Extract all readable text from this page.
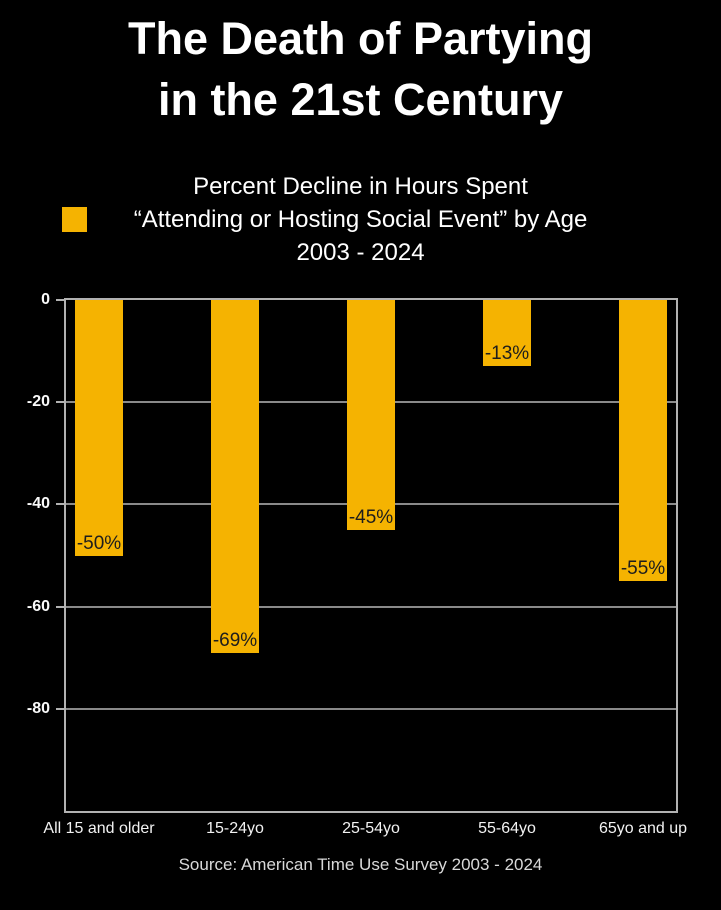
The Death of Partying
in the 21st Century
Percent Decline in Hours Spent
“Attending or Hosting Social Event” by Age
2003 - 2024
-50%
-69%
-45%
-13%
-55%
0
-20
-40
-60
-80
All 15 and older	15-24yo	25-54yo	55-64yo	65yo and up
Source: American Time Use Survey 2003 - 2024
